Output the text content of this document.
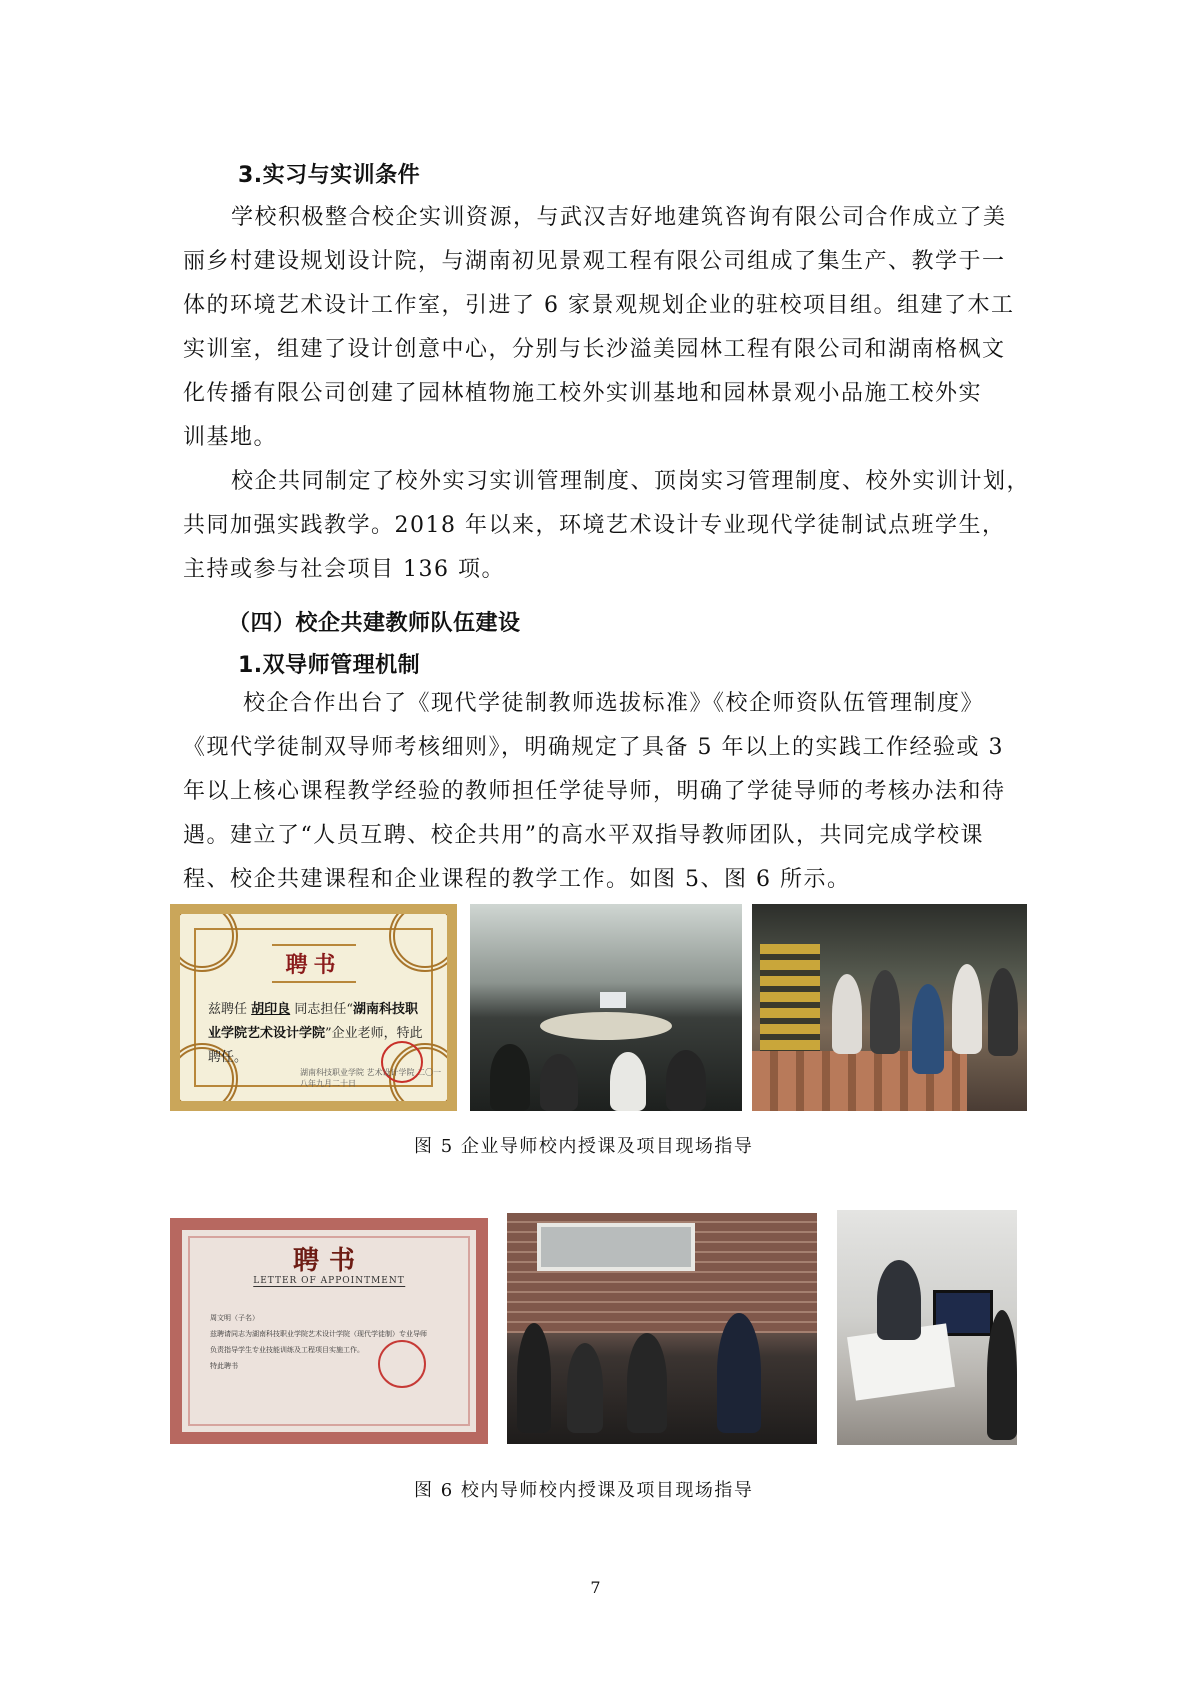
3.实习与实训条件
学校积极整合校企实训资源，与武汉吉好地建筑咨询有限公司合作成立了美
丽乡村建设规划设计院，与湖南初见景观工程有限公司组成了集生产、教学于一
体的环境艺术设计工作室，引进了 6 家景观规划企业的驻校项目组。组建了木工
实训室，组建了设计创意中心，分别与长沙溢美园林工程有限公司和湖南格枫文
化传播有限公司创建了园林植物施工校外实训基地和园林景观小品施工校外实
训基地。
校企共同制定了校外实习实训管理制度、顶岗实习管理制度、校外实训计划，
共同加强实践教学。2018 年以来，环境艺术设计专业现代学徒制试点班学生，
主持或参与社会项目 136 项。
（四）校企共建教师队伍建设
1.双导师管理机制
校企合作出台了《现代学徒制教师选拔标准》《校企师资队伍管理制度》
《现代学徒制双导师考核细则》，明确规定了具备 5 年以上的实践工作经验或 3
年以上核心课程教学经验的教师担任学徒导师，明确了学徒导师的考核办法和待
遇。建立了“人员互聘、校企共用”的高水平双指导教师团队，共同完成学校课
程、校企共建课程和企业课程的教学工作。如图 5、图 6 所示。
聘书
兹聘任 胡印良 同志担任“湖南科技职
业学院艺术设计学院”企业老师，特此聘任。
湖南科技职业学院 艺术设计学院 二〇一八年九月二十日
图 5 企业导师校内授课及项目现场指导
聘书
LETTER OF APPOINTMENT
周文明（子名）
兹聘请同志为湖南科技职业学院艺术设计学院（现代学徒制）专业导师
负责指导学生专业技能训练及工程项目实施工作。
特此聘书
图 6 校内导师校内授课及项目现场指导
7
